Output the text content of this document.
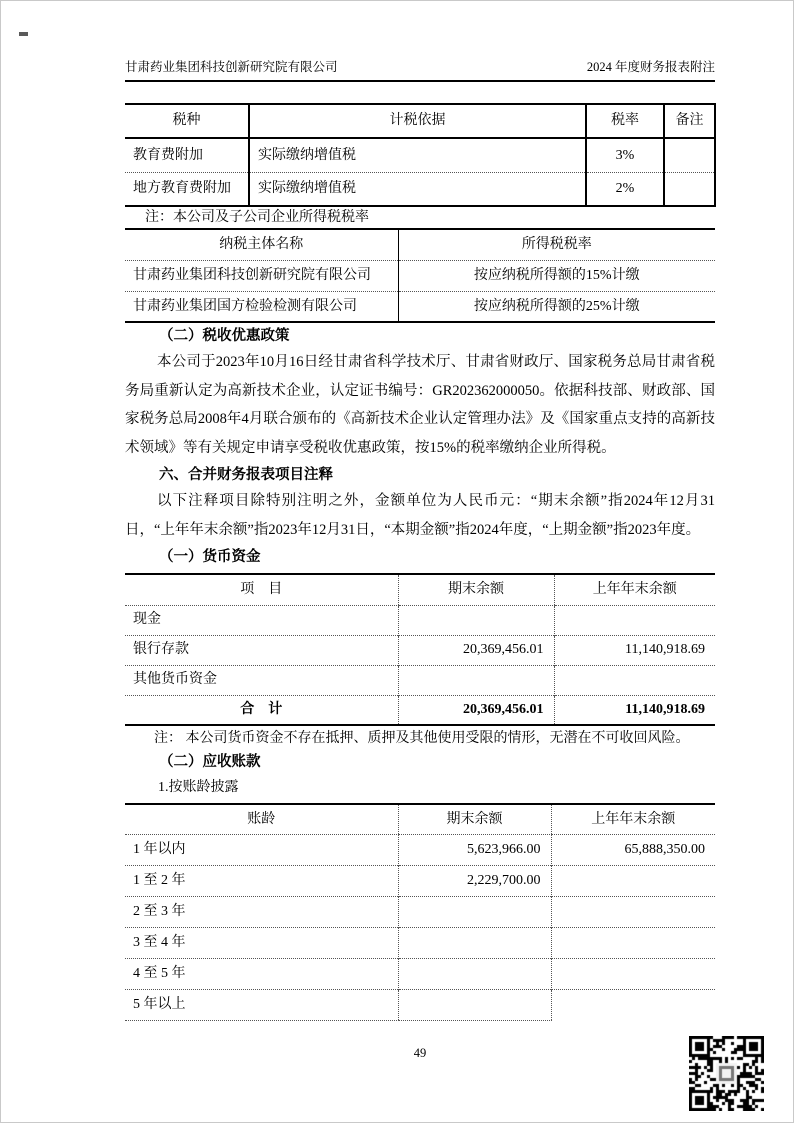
甘肃药业集团科技创新研究院有限公司	2024 年度财务报表附注
税种	计税依据	税率	备注
教育费附加	实际缴纳增值税	3%	
地方教育费附加	实际缴纳增值税	2%	

注：本公司及子公司企业所得税税率

纳税主体名称	所得税税率
甘肃药业集团科技创新研究院有限公司	按应纳税所得额的15%计缴
甘肃药业集团国方检验检测有限公司	按应纳税所得额的25%计缴

（二）税收优惠政策

本公司于2023年10月16日经甘肃省科学技术厅、甘肃省财政厅、国家税务总局甘肃省税务局重新认定为高新技术企业，认定证书编号：GR202362000050。依据科技部、财政部、国家税务总局2008年4月联合颁布的《高新技术企业认定管理办法》及《国家重点支持的高新技术领域》等有关规定申请享受税收优惠政策，按15%的税率缴纳企业所得税。

六、合并财务报表项目注释

以下注释项目除特别注明之外，金额单位为人民币元：“期末余额”指2024年12月31日，“上年年末余额”指2023年12月31日，“本期金额”指2024年度，“上期金额”指2023年度。

（一）货币资金

项　目	期末余额	上年年末余额
现金		
银行存款	20,369,456.01	11,140,918.69
其他货币资金		
合　计	20,369,456.01	11,140,918.69

注： 本公司货币资金不存在抵押、质押及其他使用受限的情形，无潜在不可收回风险。

（二）应收账款

1.按账龄披露

账龄	期末余额	上年年末余额
1 年以内	5,623,966.00	65,888,350.00
1 至 2 年	2,229,700.00	
2 至 3 年		
3 至 4 年		
4 至 5 年		
5 年以上		
49
